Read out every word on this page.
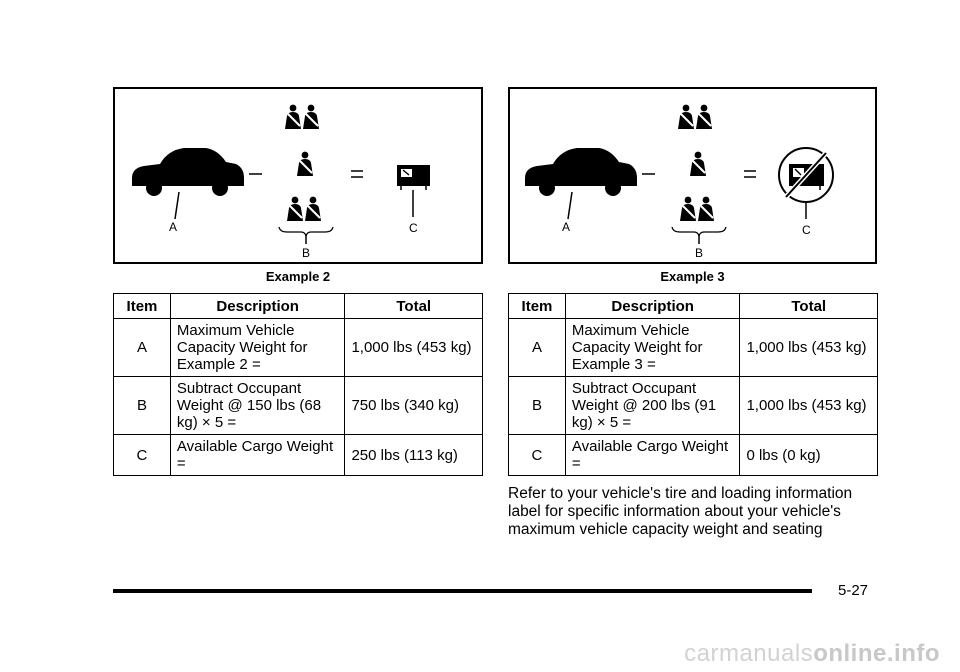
A
B
C
Example 2
Item	Description	Total
A	Maximum Vehicle Capacity Weight for Example 2 =	1,000 lbs (453 kg)
B	Subtract Occupant Weight @ 150 lbs (68 kg) × 5 =	750 lbs (340 kg)
C	Available Cargo Weight =	250 lbs (113 kg)
A
B
C
Example 3
Item	Description	Total
A	Maximum Vehicle Capacity Weight for Example 3 =	1,000 lbs (453 kg)
B	Subtract Occupant Weight @ 200 lbs (91 kg) × 5 =	1,000 lbs (453 kg)
C	Available Cargo Weight =	0 lbs (0 kg)
Refer to your vehicle's tire and loading information label for specific information about your vehicle's maximum vehicle capacity weight and seating
5-27
carmanualsonline.info
